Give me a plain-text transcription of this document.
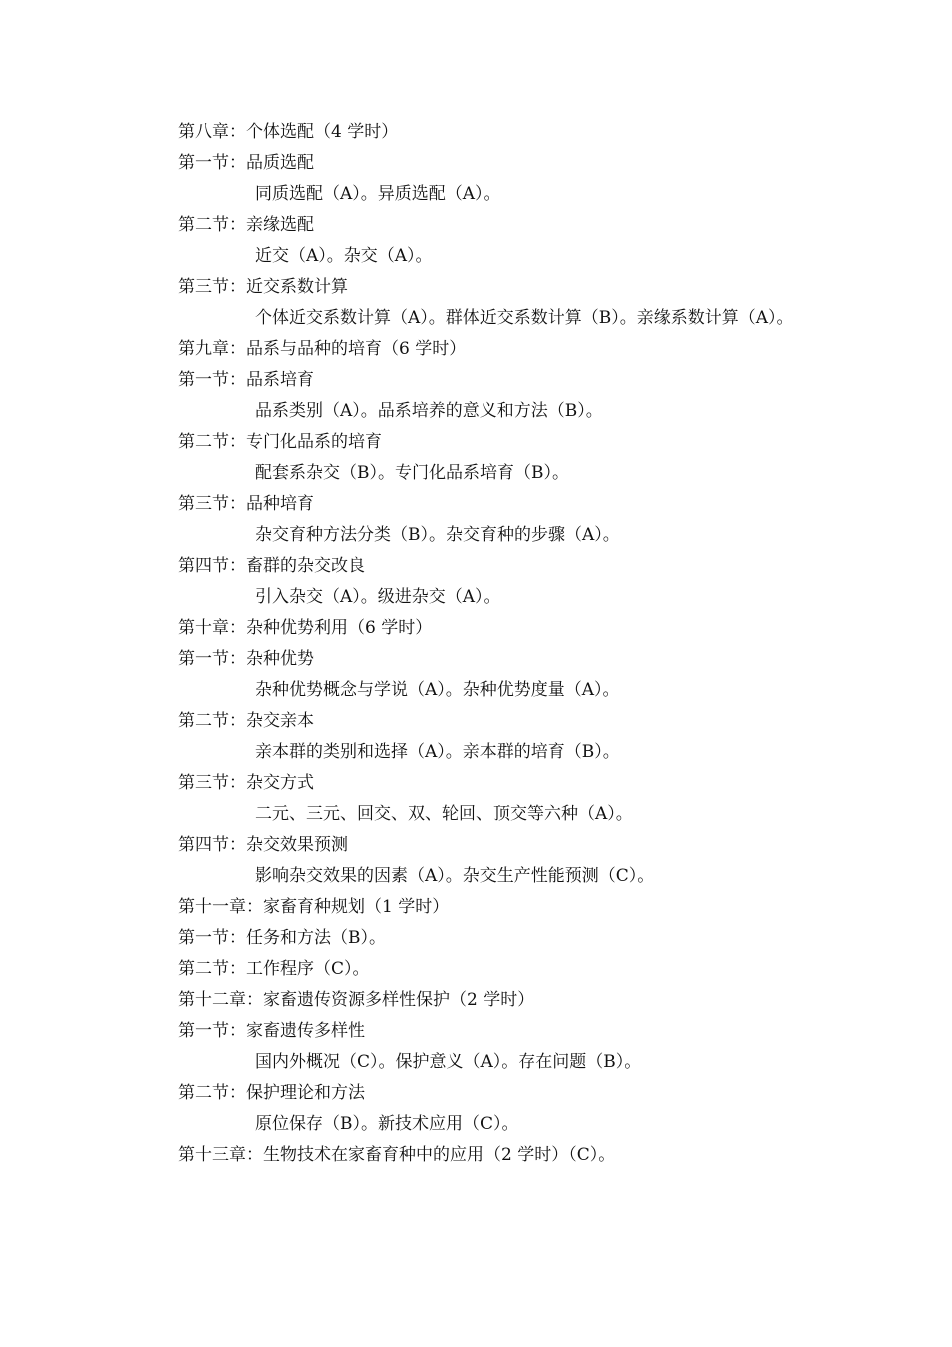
第八章：个体选配（4 学时）
第一节：品质选配
同质选配（A）。异质选配（A）。
第二节：亲缘选配
近交（A）。杂交（A）。
第三节：近交系数计算
个体近交系数计算（A）。群体近交系数计算（B）。亲缘系数计算（A）。
第九章：品系与品种的培育（6 学时）
第一节：品系培育
品系类别（A）。品系培养的意义和方法（B）。
第二节：专门化品系的培育
配套系杂交（B）。专门化品系培育（B）。
第三节：品种培育
杂交育种方法分类（B）。杂交育种的步骤（A）。
第四节：畜群的杂交改良
引入杂交（A）。级进杂交（A）。
第十章：杂种优势利用（6 学时）
第一节：杂种优势
杂种优势概念与学说（A）。杂种优势度量（A）。
第二节：杂交亲本
亲本群的类别和选择（A）。亲本群的培育（B）。
第三节：杂交方式
二元、三元、回交、双、轮回、顶交等六种（A）。
第四节：杂交效果预测
影响杂交效果的因素（A）。杂交生产性能预测（C）。
第十一章：家畜育种规划（1 学时）
第一节：任务和方法（B）。
第二节：工作程序（C）。
第十二章：家畜遗传资源多样性保护（2 学时）
第一节：家畜遗传多样性
国内外概况（C）。保护意义（A）。存在问题（B）。
第二节：保护理论和方法
原位保存（B）。新技术应用（C）。
第十三章：生物技术在家畜育种中的应用（2 学时）（C）。
